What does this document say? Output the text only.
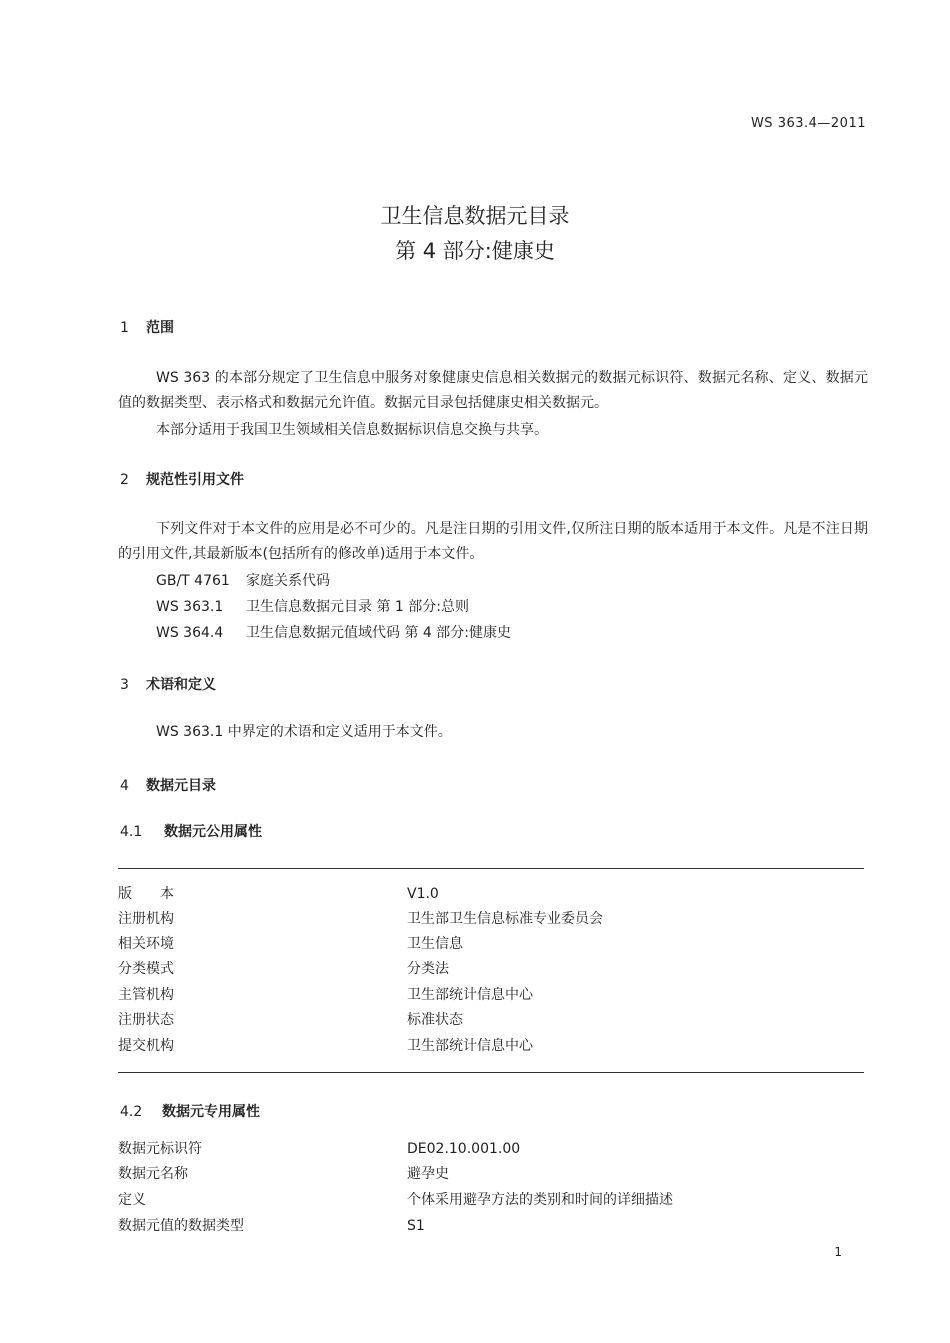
WS 363.4—2011
卫生信息数据元目录
第 4 部分:健康史
1 范围
WS 363 的本部分规定了卫生信息中服务对象健康史信息相关数据元的数据元标识符、数据元名称、定义、数据元值的数据类型、表示格式和数据元允许值。数据元目录包括健康史相关数据元。
本部分适用于我国卫生领域相关信息数据标识信息交换与共享。
2 规范性引用文件
下列文件对于本文件的应用是必不可少的。凡是注日期的引用文件,仅所注日期的版本适用于本文件。凡是不注日期的引用文件,其最新版本(包括所有的修改单)适用于本文件。
GB/T 4761 家庭关系代码
WS 363.1 卫生信息数据元目录 第 1 部分:总则
WS 364.4 卫生信息数据元值域代码 第 4 部分:健康史
3 术语和定义
WS 363.1 中界定的术语和定义适用于本文件。
4 数据元目录
4.1 数据元公用属性
版　　本	V1.0
注册机构	卫生部卫生信息标准专业委员会
相关环境	卫生信息
分类模式	分类法
主管机构	卫生部统计信息中心
注册状态	标准状态
提交机构	卫生部统计信息中心
4.2 数据元专用属性
数据元标识符	DE02.10.001.00
数据元名称	避孕史
定义	个体采用避孕方法的类别和时间的详细描述
数据元值的数据类型	S1
1
